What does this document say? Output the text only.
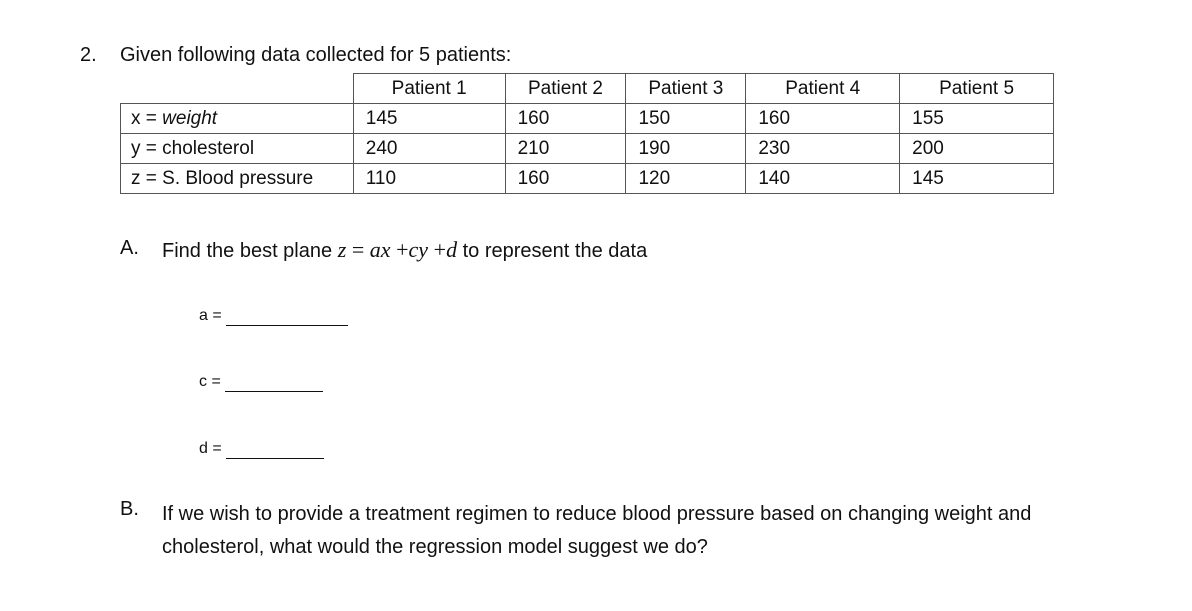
2. Given following data collected for 5 patients:
	Patient 1	Patient 2	Patient 3	Patient 4	Patient 5
x = weight	145	160	150	160	155
y = cholesterol	240	210	190	230	200
z = S. Blood pressure	110	160	120	140	145
A. Find the best plane z = ax +cy +d to represent the data
a =
c =
d =
B. If we wish to provide a treatment regimen to reduce blood pressure based on changing weight and cholesterol, what would the regression model suggest we do?
